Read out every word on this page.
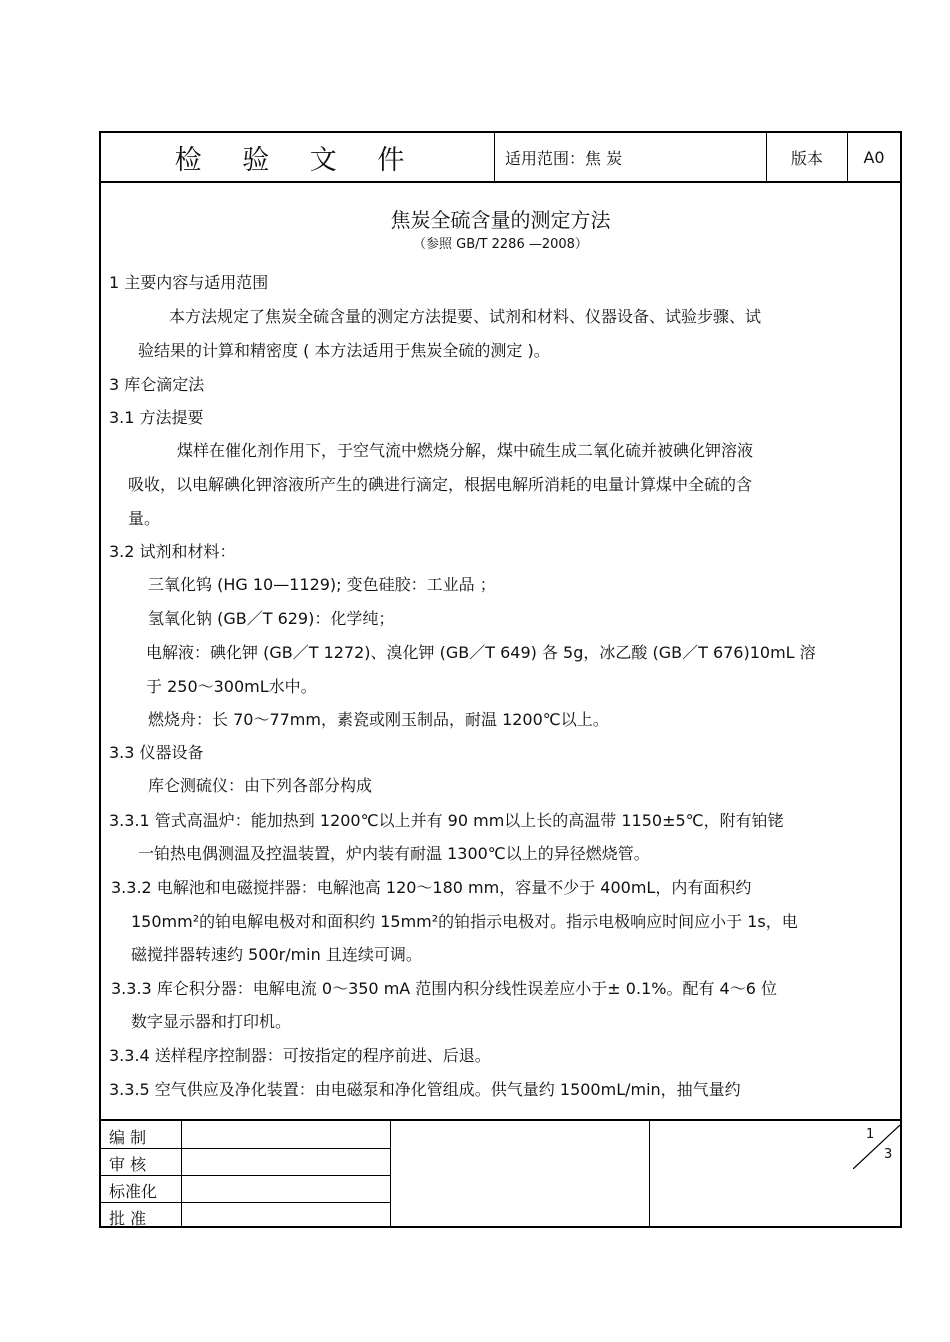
检 验 文 件	适用范围：焦 炭	版本	A0
焦炭全硫含量的测定方法
（参照 GB/T 2286 —2008）
1 主要内容与适用范围
本方法规定了焦炭全硫含量的测定方法提要、试剂和材料、仪器设备、试验步骤、试
验结果的计算和精密度 ( 本方法适用于焦炭全硫的测定 )。
3 库仑滴定法
3.1 方法提要
煤样在催化剂作用下，于空气流中燃烧分解，煤中硫生成二氧化硫并被碘化钾溶液
吸收，以电解碘化钾溶液所产生的碘进行滴定，根据电解所消耗的电量计算煤中全硫的含
量。
3.2 试剂和材料：
三氧化钨 (HG 10—1129); 变色硅胶：工业品 ；
氢氧化钠 (GB／T 629)：化学纯；
电解液：碘化钾 (GB／T 1272)、溴化钾 (GB／T 649) 各 5g，冰乙酸 (GB／T 676)10mL 溶
于 250～300mL水中。
燃烧舟：长 70～77mm，素瓷或刚玉制品，耐温 1200℃以上。
3.3 仪器设备
库仑测硫仪：由下列各部分构成
3.3.1 管式高温炉：能加热到 1200℃以上并有 90 mm以上长的高温带 1150±5℃，附有铂铑
一铂热电偶测温及控温装置，炉内装有耐温 1300℃以上的异径燃烧管。
3.3.2 电解池和电磁搅拌器：电解池高 120～180 mm，容量不少于 400mL，内有面积约
150mm²的铂电解电极对和面积约 15mm²的铂指示电极对。指示电极响应时间应小于 1s，电
磁搅拌器转速约 500r/min 且连续可调。
3.3.3 库仑积分器：电解电流 0～350 mA 范围内积分线性误差应小于± 0.1%。配有 4～6 位
数字显示器和打印机。
3.3.4 送样程序控制器：可按指定的程序前进、后退。
3.3.5 空气供应及净化装置：由电磁泵和净化管组成。供气量约 1500mL/min，抽气量约
编 制
审 核
标准化
批 准
1
3
